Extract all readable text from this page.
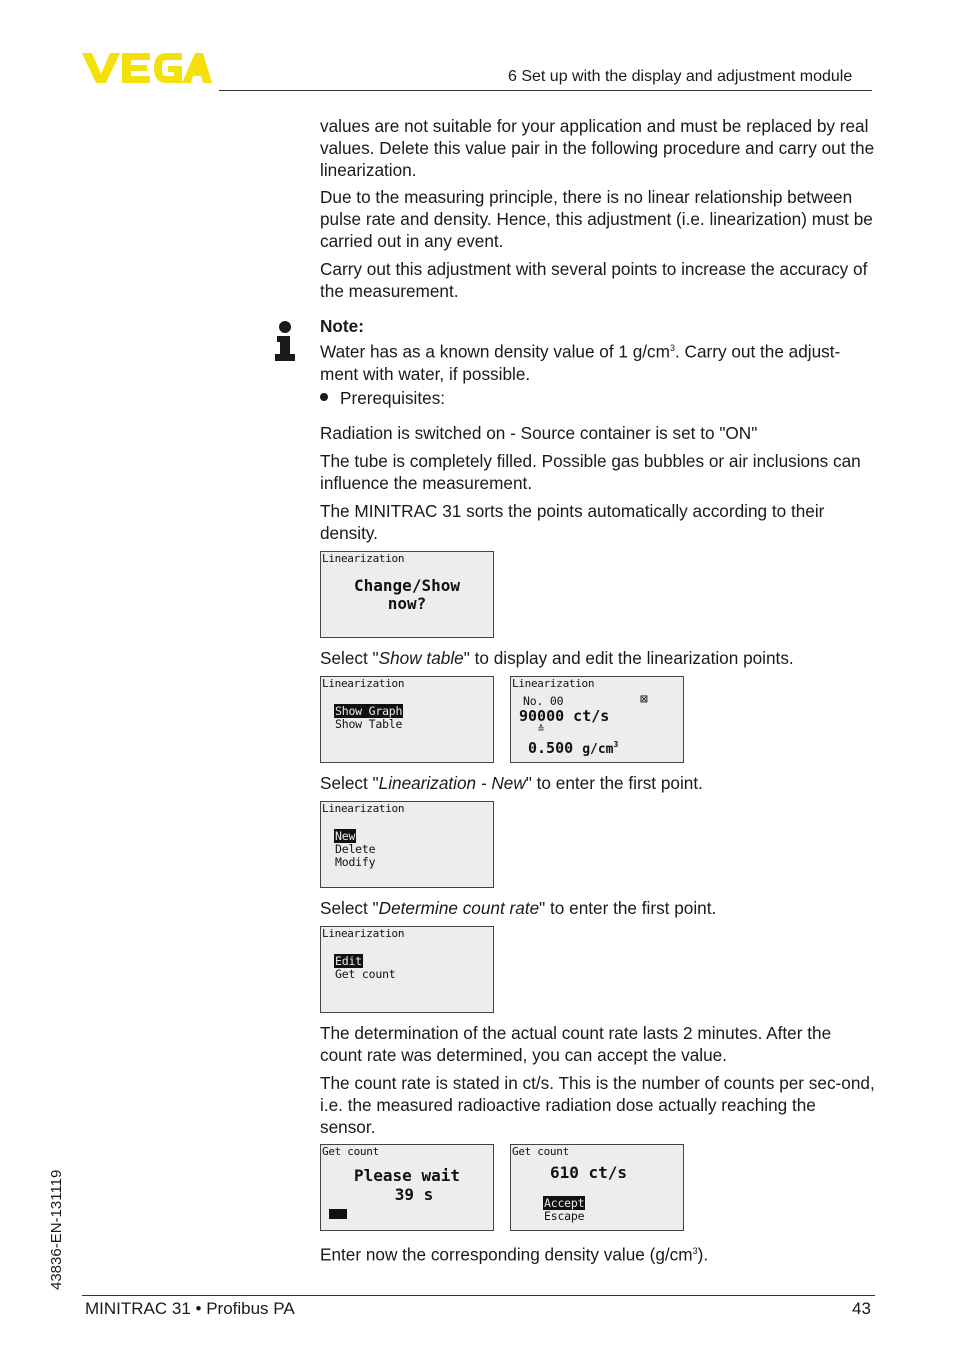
6 Set up with the display and adjustment module

values are not suitable for your application and must be replaced by real values. Delete this value pair in the following procedure and carry out the linearization.

Due to the measuring principle, there is no linear relationship between pulse rate and density. Hence, this adjustment (i.e. linearization) must be carried out in any event.

Carry out this adjustment with several points to increase the accuracy of the measurement.

Note:

Water has as a known density value of 1 $g/cm^3$. Carry out the adjust-ment with water, if possible.

Prerequisites:

Radiation is switched on - Source container is set to "ON"

The tube is completely filled. Possible gas bubbles or air inclusions can influence the measurement.

The MINITRAC 31 sorts the points automatically according to their density.

Linearization
Change/Show
now?

Select "Show table" to display and edit the linearization points.

Linearization
Show Graph
Show Table
Linearization
No. 00	⊠
90000 ct/s
≙
0.500 $g/cm^3$

Select "Linearization - New" to enter the first point.

Linearization
New
Delete
Modify

Select "Determine count rate" to enter the first point.

Linearization
Edit
Get count

The determination of the actual count rate lasts 2 minutes. After the count rate was determined, you can accept the value.

The count rate is stated in ct/s. This is the number of counts per sec-ond, i.e. the measured radioactive radiation dose actually reaching the sensor.

Get count
Please wait
39 s
Get count
610 ct/s
Accept
Escape

Enter now the corresponding density value $(g/cm^3)$.

43836-EN-131119
MINITRAC 31 • Profibus PA	43
